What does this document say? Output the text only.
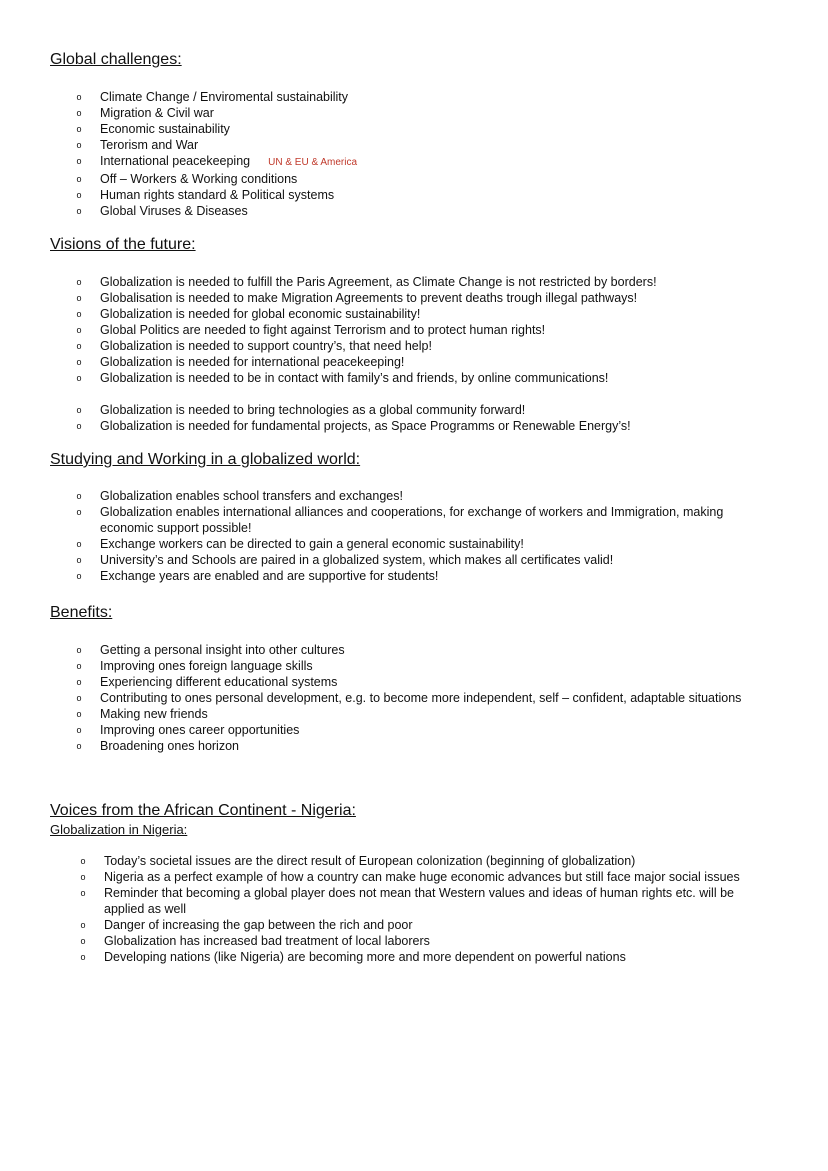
Global challenges:
o Climate Change / Enviromental sustainability
o Migration & Civil war
o Economic sustainability
o Terorism and War
o International peacekeeping UN & EU & America
o Off – Workers & Working conditions
o Human rights standard & Political systems
o Global Viruses & Diseases
Visions of the future:
o Globalization is needed to fulfill the Paris Agreement, as Climate Change is not restricted by borders!
o Globalisation is needed to make Migration Agreements to prevent deaths trough illegal pathways!
o Globalization is needed for global economic sustainability!
o Global Politics are needed to fight against Terrorism and to protect human rights!
o Globalization is needed to support country’s, that need help!
o Globalization is needed for international peacekeeping!
o Globalization is needed to be in contact with family’s and friends, by online communications!
o Globalization is needed to bring technologies as a global community forward!
o Globalization is needed for fundamental projects, as Space Programms or Renewable Energy’s!
Studying and Working in a globalized world:
o Globalization enables school transfers and exchanges!
o Globalization enables international alliances and cooperations, for exchange of workers and Immigration, making economic support possible!
o Exchange workers can be directed to gain a general economic sustainability!
o University’s and Schools are paired in a globalized system, which makes all certificates valid!
o Exchange years are enabled and are supportive for students!
Benefits:
o Getting a personal insight into other cultures
o Improving ones foreign language skills
o Experiencing different educational systems
o Contributing to ones personal development, e.g. to become more independent, self – confident, adaptable situations
o Making new friends
o Improving ones career opportunities
o Broadening ones horizon
Voices from the African Continent - Nigeria:
Globalization in Nigeria:
o Today’s societal issues are the direct result of European colonization (beginning of globalization)
o Nigeria as a perfect example of how a country can make huge economic advances but still face major social issues
o Reminder that becoming a global player does not mean that Western values and ideas of human rights etc. will be applied as well
o Danger of increasing the gap between the rich and poor
o Globalization has increased bad treatment of local laborers
o Developing nations (like Nigeria) are becoming more and more dependent on powerful nations
